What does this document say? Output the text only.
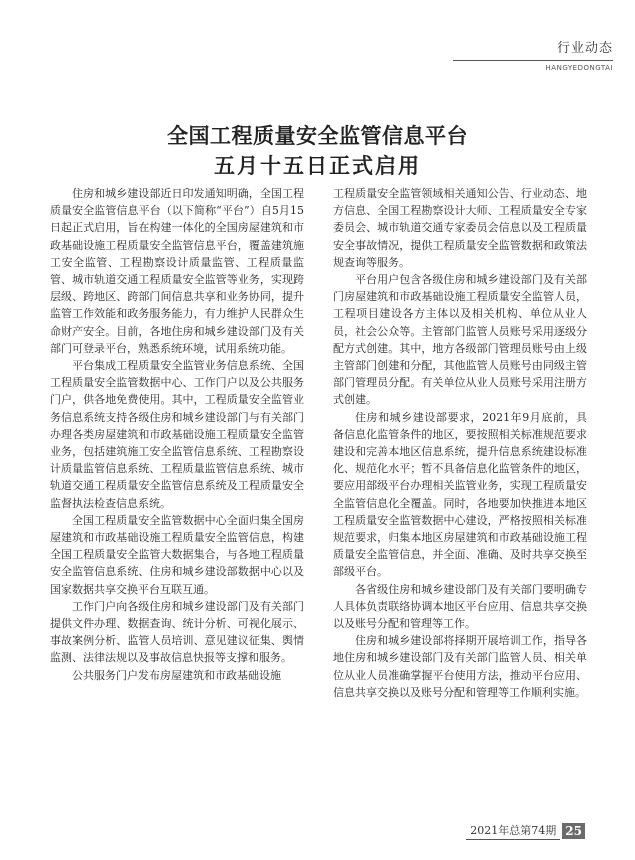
行业动态
HANGYEDONGTAI
全国工程质量安全监管信息平台
五月十五日正式启用

住房和城乡建设部近日印发通知明确，全国工程质量安全监管信息平台（以下简称“平台”）自5月15日起正式启用，旨在构建一体化的全国房屋建筑和市政基础设施工程质量安全监管信息平台，覆盖建筑施工安全监管、工程勘察设计质量监管、工程质量监管、城市轨道交通工程质量安全监管等业务，实现跨层级、跨地区、跨部门间信息共享和业务协同，提升监管工作效能和政务服务能力，有力维护人民群众生命财产安全。目前，各地住房和城乡建设部门及有关部门可登录平台，熟悉系统环境，试用系统功能。

平台集成工程质量安全监管业务信息系统、全国工程质量安全监管数据中心、工作门户以及公共服务门户，供各地免费使用。其中，工程质量安全监管业务信息系统支持各级住房和城乡建设部门与有关部门办理各类房屋建筑和市政基础设施工程质量安全监管业务，包括建筑施工安全监管信息系统、工程勘察设计质量监管信息系统、工程质量监管信息系统、城市轨道交通工程质量安全监管信息系统及工程质量安全监督执法检查信息系统。

全国工程质量安全监管数据中心全面归集全国房屋建筑和市政基础设施工程质量安全监管信息，构建全国工程质量安全监管大数据集合，与各地工程质量安全监管信息系统、住房和城乡建设部数据中心以及国家数据共享交换平台互联互通。

工作门户向各级住房和城乡建设部门及有关部门提供文件办理、数据查询、统计分析、可视化展示、事故案例分析、监管人员培训、意见建议征集、舆情监测、法律法规以及事故信息快报等支撑和服务。

公共服务门户发布房屋建筑和市政基础设施

工程质量安全监管领域相关通知公告、行业动态、地方信息、全国工程勘察设计大师、工程质量安全专家委员会、城市轨道交通专家委员会信息以及工程质量安全事故情况，提供工程质量安全监管数据和政策法规查询等服务。

平台用户包含各级住房和城乡建设部门及有关部门房屋建筑和市政基础设施工程质量安全监管人员，工程项目建设各方主体以及相关机构、单位从业人员，社会公众等。主管部门监管人员账号采用逐级分配方式创建。其中，地方各级部门管理员账号由上级主管部门创建和分配，其他监管人员账号由同级主管部门管理员分配。有关单位从业人员账号采用注册方式创建。

住房和城乡建设部要求，2021年9月底前，具备信息化监管条件的地区，要按照相关标准规范要求建设和完善本地区信息系统，提升信息系统建设标准化、规范化水平；暂不具备信息化监管条件的地区，要应用部级平台办理相关监管业务，实现工程质量安全监管信息化全覆盖。同时，各地要加快推进本地区工程质量安全监管数据中心建设，严格按照相关标准规范要求，归集本地区房屋建筑和市政基础设施工程质量安全监管信息，并全面、准确、及时共享交换至部级平台。

各省级住房和城乡建设部门及有关部门要明确专人具体负责联络协调本地区平台应用、信息共享交换以及账号分配和管理等工作。

住房和城乡建设部将择期开展培训工作，指导各地住房和城乡建设部门及有关部门监管人员、相关单位从业人员准确掌握平台使用方法，推动平台应用、信息共享交换以及账号分配和管理等工作顺利实施。

2021年总第74期 25
